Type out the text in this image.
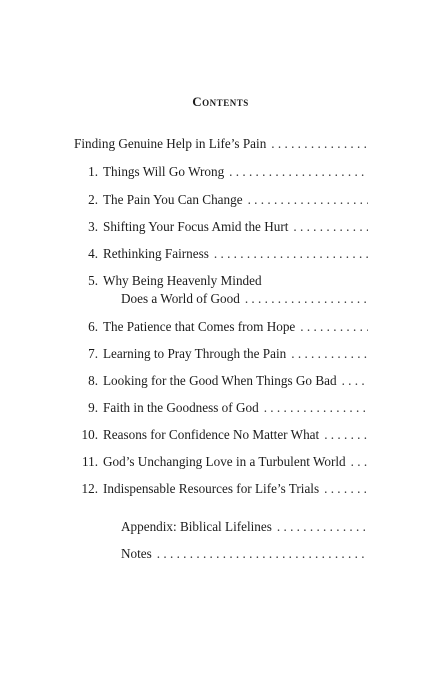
Contents
Finding Genuine Help in Life’s Pain
. . .
1. Things Will Go Wrong
. . .
2. The Pain You Can Change
. . .
3. Shifting Your Focus Amid the Hurt
. . .
4. Rethinking Fairness
. . .
5. Why Being Heavenly Minded
Does a World of Good
. . .
6. The Patience that Comes from Hope
. . .
7. Learning to Pray Through the Pain
. . .
8. Looking for the Good When Things Go Bad
. . .
9. Faith in the Goodness of God
. . .
10. Reasons for Confidence No Matter What
. . .
11. God’s Unchanging Love in a Turbulent World
. . .
12. Indispensable Resources for Life’s Trials
. . .
Appendix: Biblical Lifelines
. . .
Notes
. . .
